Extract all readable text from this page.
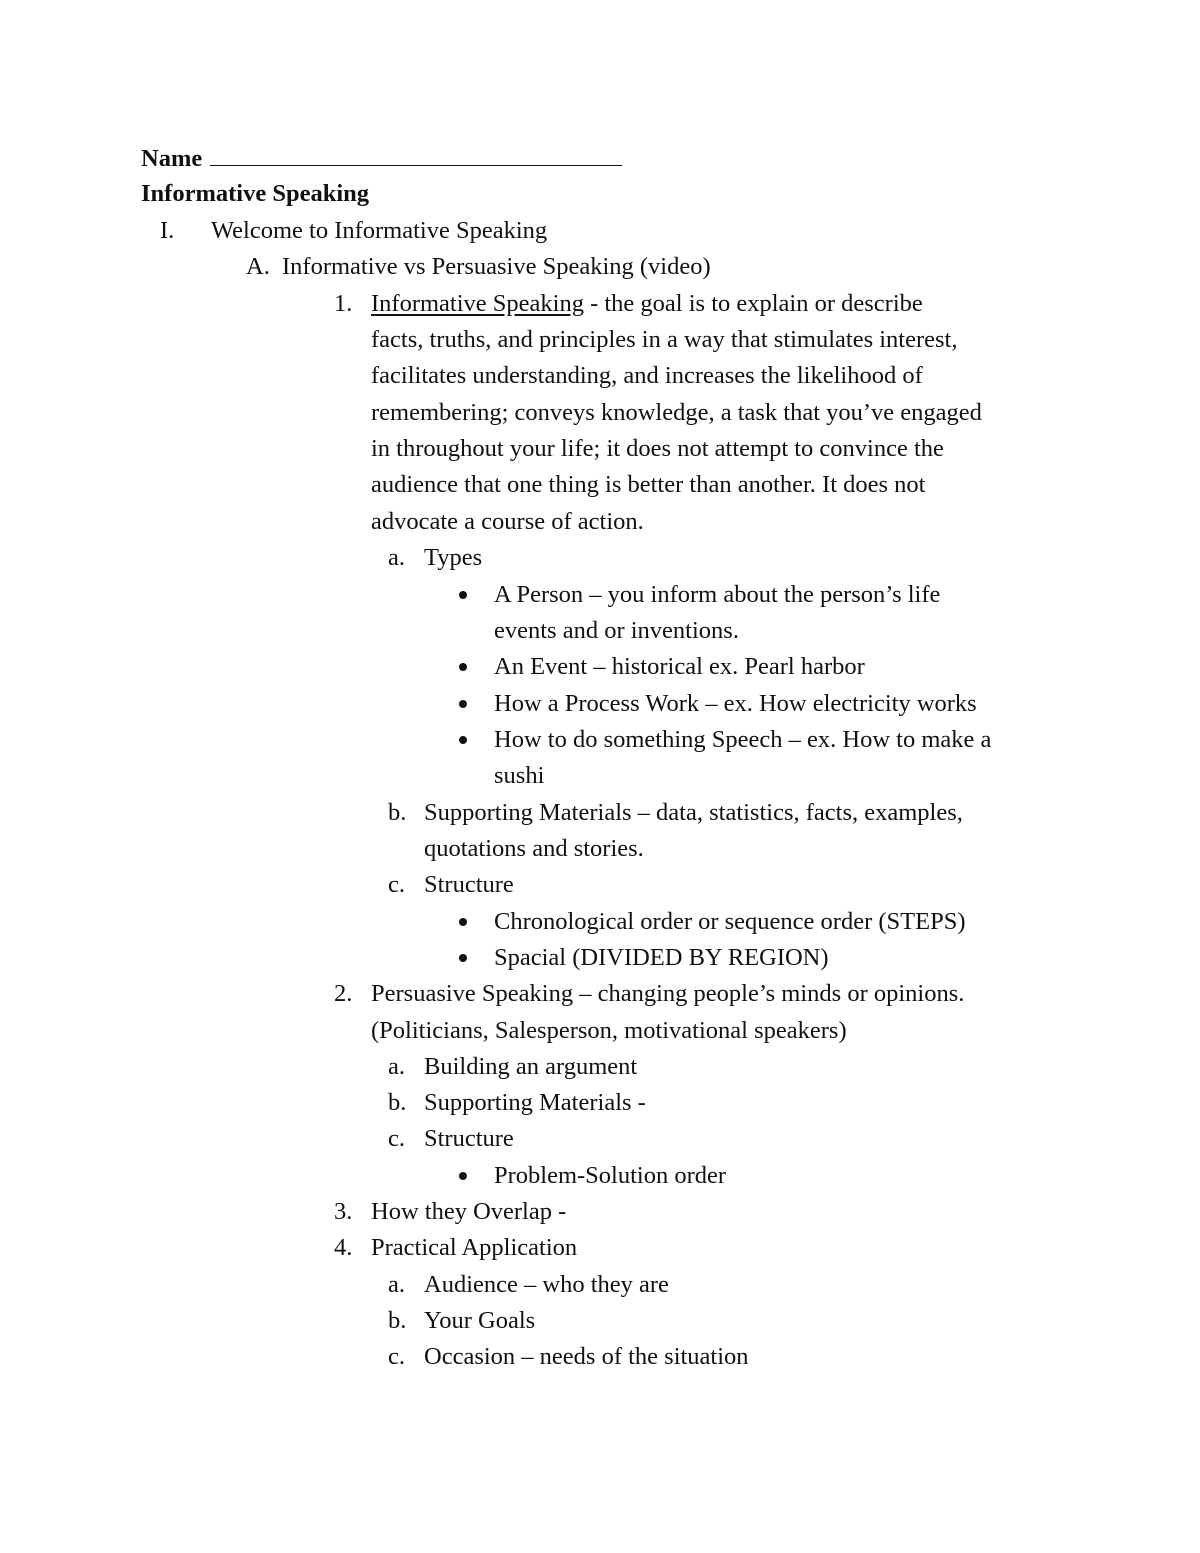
Name
Informative Speaking
I. Welcome to Informative Speaking
A. Informative vs Persuasive Speaking (video)
1. Informative Speaking - the goal is to explain or describe
facts, truths, and principles in a way that stimulates interest,
facilitates understanding, and increases the likelihood of
remembering; conveys knowledge, a task that you’ve engaged
in throughout your life; it does not attempt to convince the
audience that one thing is better than another. It does not
advocate a course of action.
a. Types
A Person – you inform about the person’s life
events and or inventions.
An Event – historical ex. Pearl harbor
How a Process Work – ex. How electricity works
How to do something Speech – ex. How to make a
sushi
b. Supporting Materials – data, statistics, facts, examples,
quotations and stories.
c. Structure
Chronological order or sequence order (STEPS)
Spacial (DIVIDED BY REGION)
2. Persuasive Speaking – changing people’s minds or opinions.
(Politicians, Salesperson, motivational speakers)
a. Building an argument
b. Supporting Materials -
c. Structure
Problem-Solution order
3. How they Overlap -
4. Practical Application
a. Audience – who they are
b. Your Goals
c. Occasion – needs of the situation
